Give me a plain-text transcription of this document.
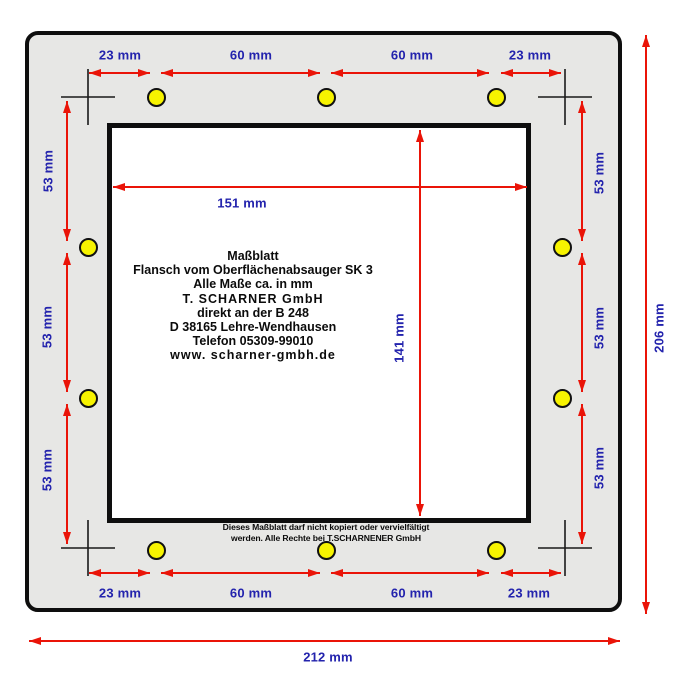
23 mm	60 mm	60 mm	23 mm
23 mm	60 mm	60 mm	23 mm
53 mm
53 mm
53 mm
53 mm
53 mm
53 mm
151 mm
141 mm	206 mm
212 mm
Maßblatt
Flansch vom Oberflächenabsauger SK 3
Alle Maße ca. in mm
T. SCHARNER GmbH
direkt an der B 248
D 38165 Lehre-Wendhausen
Telefon 05309-99010
www. scharner-gmbh.de
Dieses Maßblatt darf nicht kopiert oder vervielfältigt
werden. Alle Rechte bei T.SCHARNENER GmbH
